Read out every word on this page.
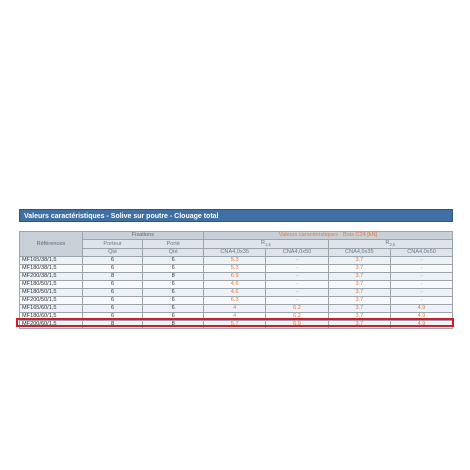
Valeurs caractéristiques - Solive sur poutre - Clouage total
Références	Fixations		Valeurs caractéristiques - Bois C24 [kN]			
	Porteur	Porté	$R_{1,k}$		$R_{2,k}$
	Qté	Qté	CNA4,0x35	CNA4,0x50	CNA4,0x35	CNA4,0x50
MF165/38/1,5	6	6	5.3	-	3.7	-
MF180/38/1,5	6	6	5.3	-	3.7	-
MF200/38/1,5	8	8	6.9	-	3.7	-
MF180/50/1,5	6	6	4.6	-	3.7	-
MF180/50/1,5	6	6	4.6	-	3.7	-
MF200/50/1,5	6	6	6.3	-	3.7	-
MF165/60/1,5	6	6	4	6.2	3.7	4.9
MF180/60/1,5	6	6	4	6.2	3.7	4.9
MF200/60/1,5	8	8	5.7	6.9	3.7	4.9
